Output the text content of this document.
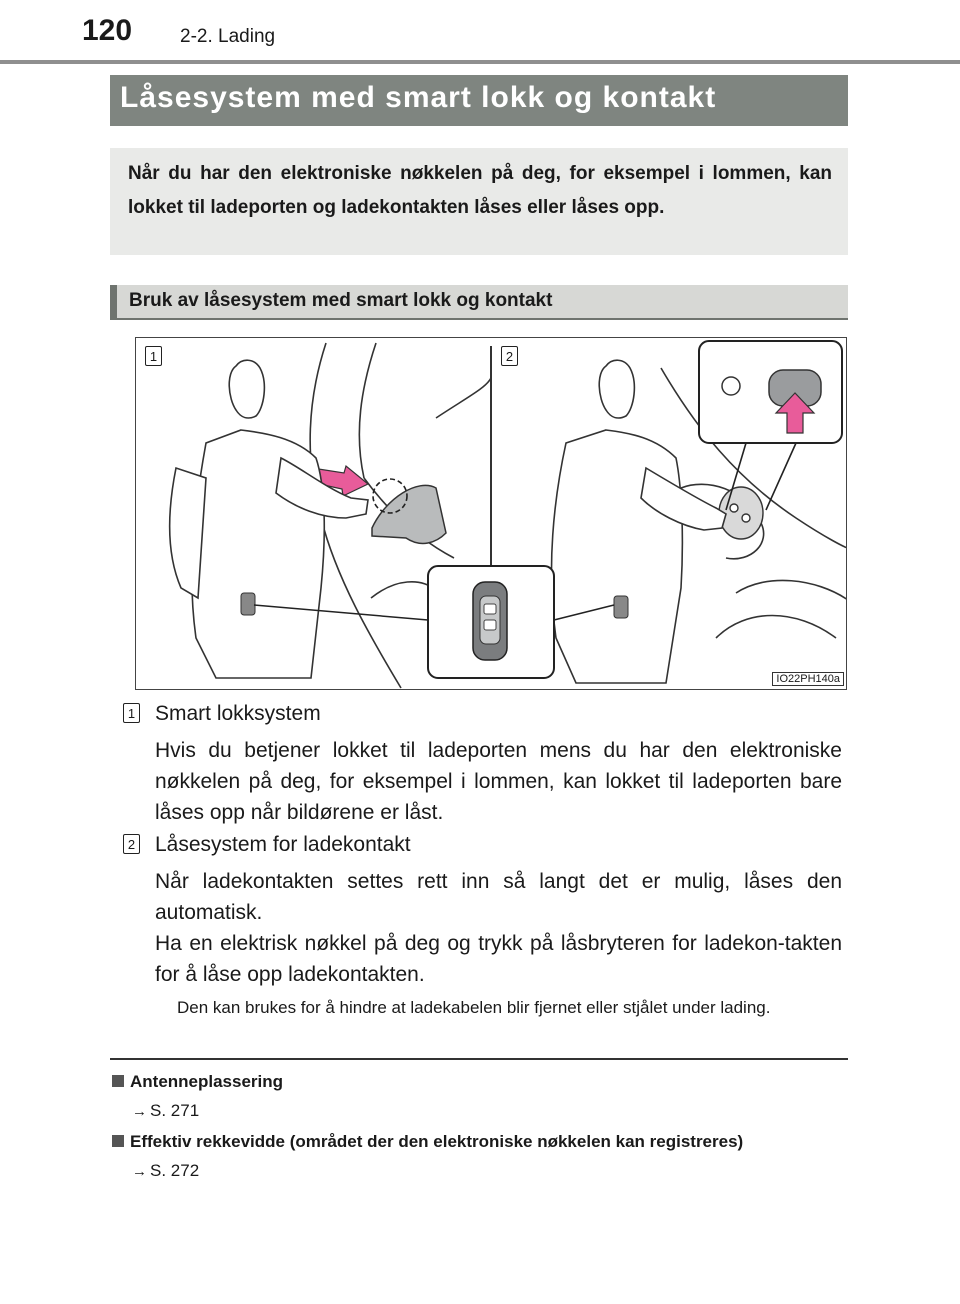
120	2-2. Lading
Låsesystem med smart lokk og kontakt
Når du har den elektroniske nøkkelen på deg, for eksempel i lommen, kan lokket til ladeporten og ladekontakten låses eller låses opp.
Bruk av låsesystem med smart lokk og kontakt
1	2
IO22PH140a
1 Smart lokksystem
Hvis du betjener lokket til ladeporten mens du har den elektroniske nøkkelen på deg, for eksempel i lommen, kan lokket til ladeporten bare låses opp når bildørene er låst.
2 Låsesystem for ladekontakt
Når ladekontakten settes rett inn så langt det er mulig, låses den automatisk.
Ha en elektrisk nøkkel på deg og trykk på låsbryteren for ladekon-takten for å låse opp ladekontakten.
Den kan brukes for å hindre at ladekabelen blir fjernet eller stjålet under lading.
Antenneplassering
→ S. 271
Effektiv rekkevidde (området der den elektroniske nøkkelen kan registreres)
→ S. 272
